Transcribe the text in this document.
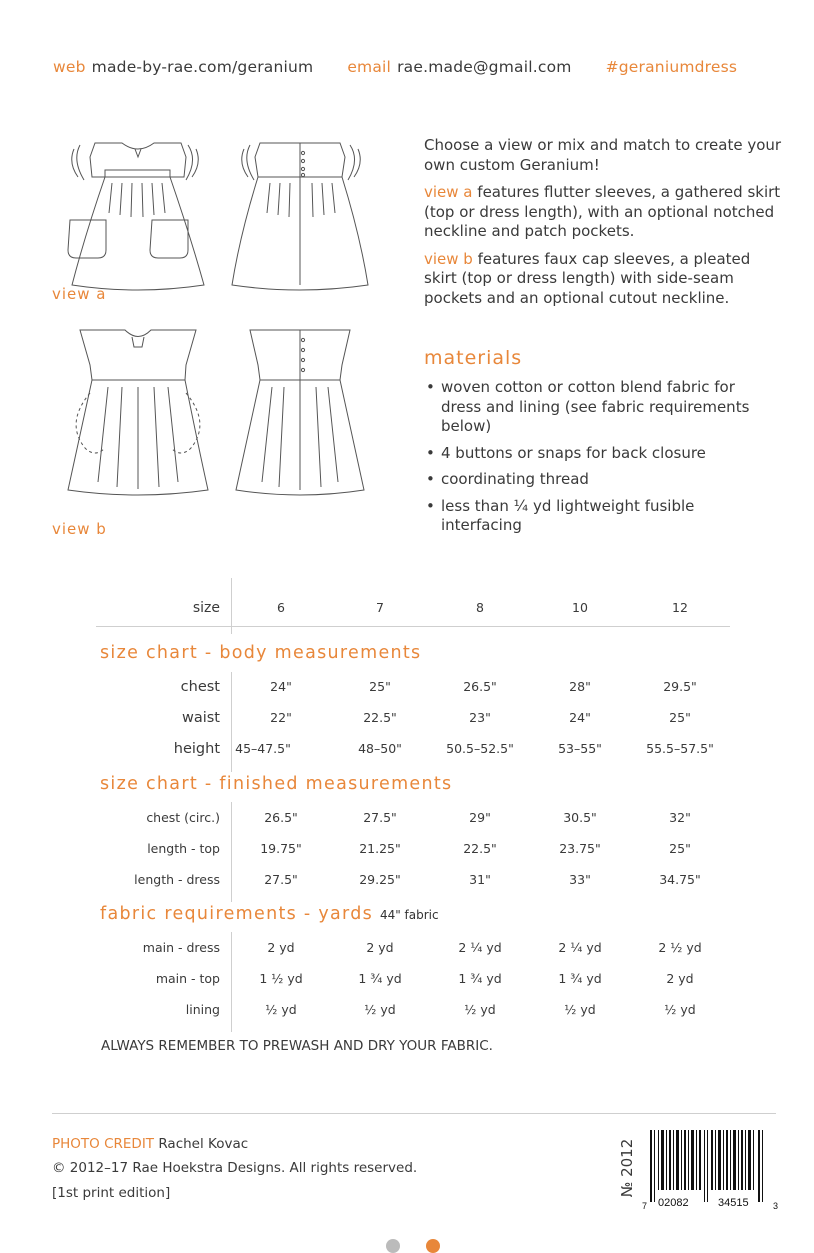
web made-by-rae.com/geranium email rae.made@gmail.com #geraniumdress
view a
view b

Choose a view or mix and match to create your own custom Geranium!

view a features flutter sleeves, a gathered skirt (top or dress length), with an optional notched neckline and patch pockets.

view b features faux cap sleeves, a pleated skirt (top or dress length) with side-seam pockets and an optional cutout neckline.

materials
• woven cotton or cotton blend fabric for dress and lining (see fabric requirements below)
• 4 buttons or snaps for back closure
• coordinating thread
• less than ¼ yd lightweight fusible interfacing
size	6	7	8	10	12
size chart - body measurements
chest	24"	25"	26.5"	28"	29.5"
waist	22"	22.5"	23"	24"	25"
height	45–47.5"	48–50"	50.5–52.5"	53–55"	55.5–57.5"
size chart - finished measurements
chest (circ.)	26.5"	27.5"	29"	30.5"	32"
length - top	19.75"	21.25"	22.5"	23.75"	25"
length - dress	27.5"	29.25"	31"	33"	34.75"
fabric requirements - yards 44" fabric
main - dress	2 yd	2 yd	2 ¼ yd	2 ¼ yd	2 ½ yd
main - top	1 ½ yd	1 ¾ yd	1 ¾ yd	1 ¾ yd	2 yd
lining	½ yd	½ yd	½ yd	½ yd	½ yd
ALWAYS REMEMBER TO PREWASH AND DRY YOUR FABRIC.
PHOTO CREDIT Rachel Kovac
© 2012–17 Rae Hoekstra Designs. All rights reserved.
[1st print edition]	№ 2012
7 02082	34515	3
